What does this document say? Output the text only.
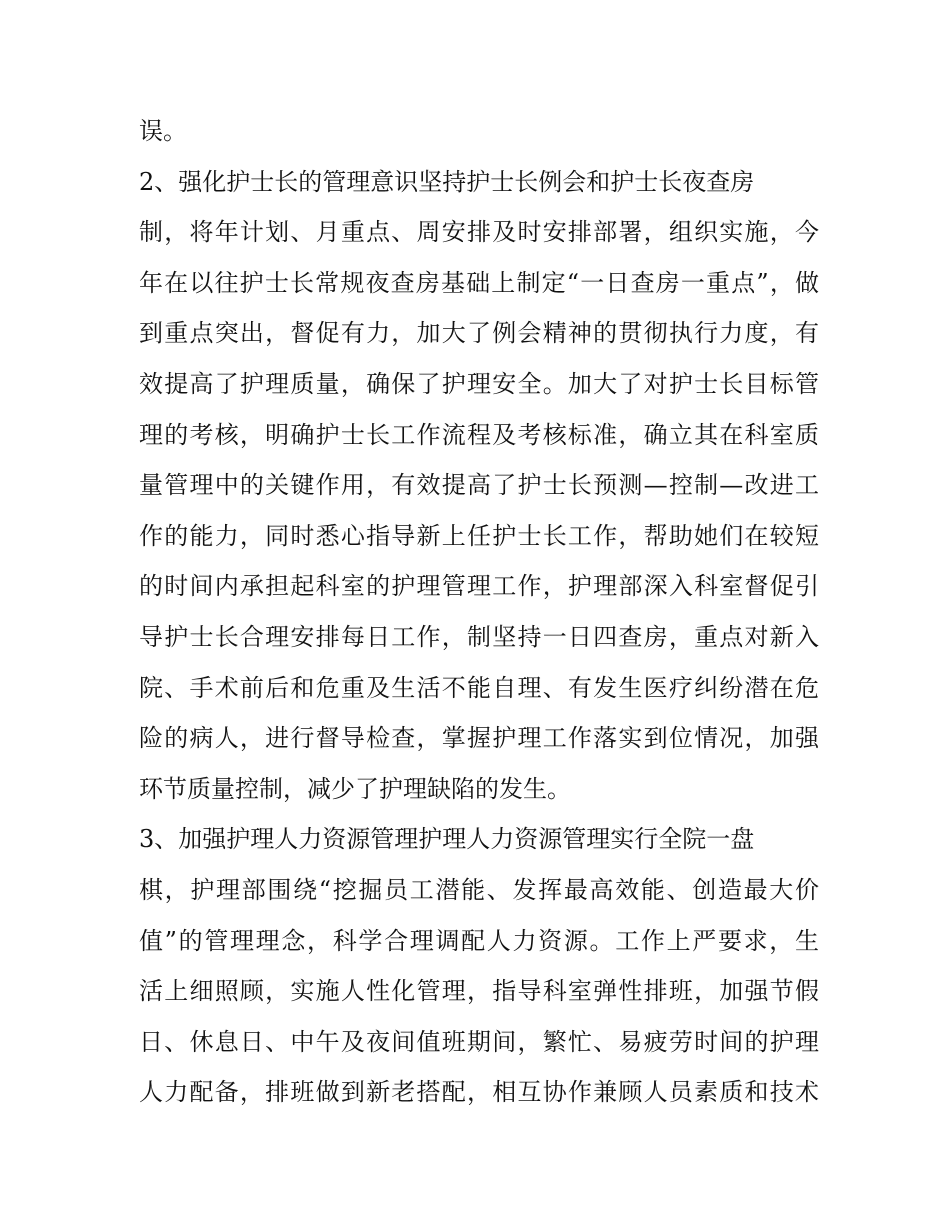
误。
2、强化护士长的管理意识坚持护士长例会和护士长夜查房
制，将年计划、月重点、周安排及时安排部署，组织实施，今
年在以往护士长常规夜查房基础上制定“一日查房一重点”，做
到重点突出，督促有力，加大了例会精神的贯彻执行力度，有
效提高了护理质量，确保了护理安全。加大了对护士长目标管
理的考核，明确护士长工作流程及考核标准，确立其在科室质
量管理中的关键作用，有效提高了护士长预测—控制—改进工
作的能力，同时悉心指导新上任护士长工作，帮助她们在较短
的时间内承担起科室的护理管理工作，护理部深入科室督促引
导护士长合理安排每日工作，制坚持一日四查房，重点对新入
院、手术前后和危重及生活不能自理、有发生医疗纠纷潜在危
险的病人，进行督导检查，掌握护理工作落实到位情况，加强
环节质量控制，减少了护理缺陷的发生。
3、加强护理人力资源管理护理人力资源管理实行全院一盘
棋，护理部围绕“挖掘员工潜能、发挥最高效能、创造最大价
值”的管理理念，科学合理调配人力资源。工作上严要求，生
活上细照顾，实施人性化管理，指导科室弹性排班，加强节假
日、休息日、中午及夜间值班期间，繁忙、易疲劳时间的护理
人力配备，排班做到新老搭配，相互协作兼顾人员素质和技术
